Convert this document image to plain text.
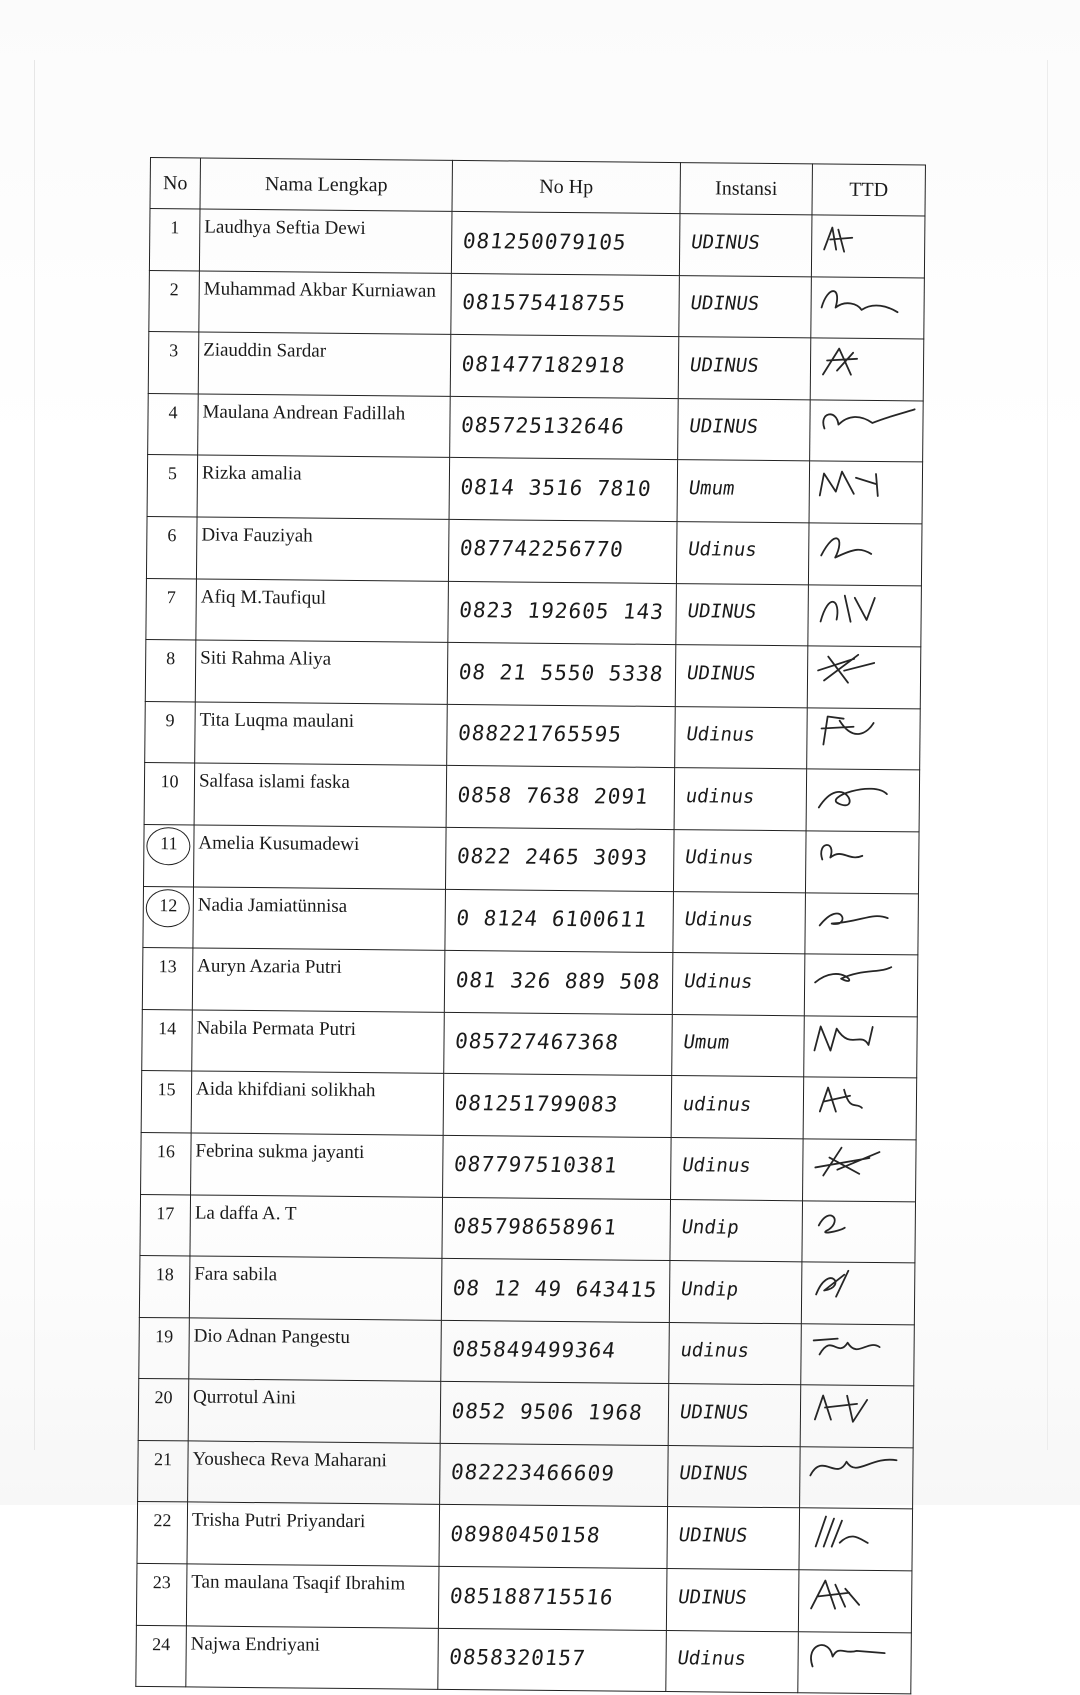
No	Nama Lengkap	No Hp	Instansi	TTD
1	Laudhya Seftia Dewi	081250079105	UDINUS	

2	Muhammad Akbar Kurniawan	081575418755	UDINUS	

3	Ziauddin Sardar	081477182918	UDINUS	

4	Maulana Andrean Fadillah	085725132646	UDINUS	

5	Rizka amalia	0814 3516 7810	Umum	

6	Diva Fauziyah	087742256770	Udinus	

7	Afiq M.Taufiqul	0823 192605 143	UDINUS	

8	Siti Rahma Aliya	08 21 5550 5338	UDINUS	

9	Tita Luqma maulani	088221765595	Udinus	

10	Salfasa islami faska	0858 7638 2091	udinus	

11	Amelia Kusumadewi	0822 2465 3093	Udinus	

12	Nadia Jamiatünnisa	0 8124 6100611	Udinus	

13	Auryn Azaria Putri	081 326 889 508	Udinus	

14	Nabila Permata Putri	085727467368	Umum	

15	Aida khifdiani solikhah	081251799083	udinus	

16	Febrina sukma jayanti	087797510381	Udinus	

17	La daffa A. T	085798658961	Undip	

18	Fara sabila	08 12 49 643415	Undip	

19	Dio Adnan Pangestu	085849499364	udinus	

20	Qurrotul Aini	0852 9506 1968	UDINUS	

21	Yousheca Reva Maharani	082223466609	UDINUS	

22	Trisha Putri Priyandari	08980450158	UDINUS	

23	Tan maulana Tsaqif Ibrahim	085188715516	UDINUS	

24	Najwa Endriyani	0858320157	Udinus	
